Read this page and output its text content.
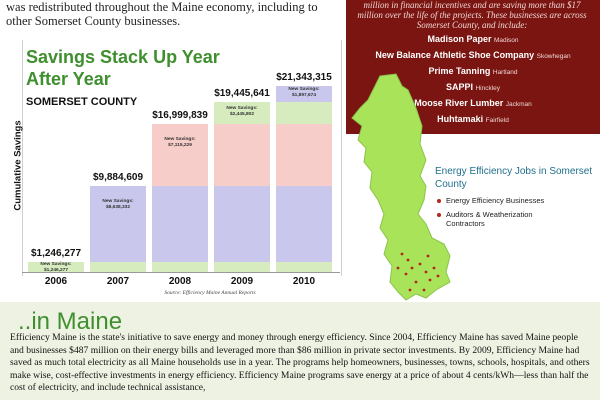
was redistributed throughout the Maine economy, including to other Somerset County businesses.
Savings Stack Up Year After Year
SOMERSET COUNTY
Cumulative Savings
$1,246,277
New Savings:
$1,246,277
$9,884,609
New Savings:
$8,638,332
$16,999,839
New Savings:
$7,115,229
$19,445,641
New Savings:
$2,445,802
$21,343,315
New Savings:
$1,897,674
Source: Efficiency Maine Annual Reports
million in financial incentives and are saving more than $17 million over the life of the projects. These businesses are across Somerset County, and include:
Madison Paper Madison
New Balance Athletic Shoe Company Skowhegan
Prime Tanning Hartland
SAPPI Hinckley
Moose River Lumber Jackman
Huhtamaki Fairfield
Energy Efficiency Jobs in Somerset County
Energy Efficiency Businesses
Auditors & Weatherization Contractors
..in Maine
Efficiency Maine is the state's initiative to save energy and money through energy efficiency. Since 2004, Efficiency Maine has saved Maine people and businesses $487 million on their energy bills and leveraged more than $86 million in private sector investments. By 2009, Efficiency Maine had saved as much total electricity as all Maine households use in a year. The programs help homeowners, businesses, towns, schools, hospitals, and others make wise, cost-effective investments in energy efficiency. Efficiency Maine programs save energy at a price of about 4 cents/kWh—less than half the cost of electricity, and include technical assistance,
2006	2007	2008	2009	2010
